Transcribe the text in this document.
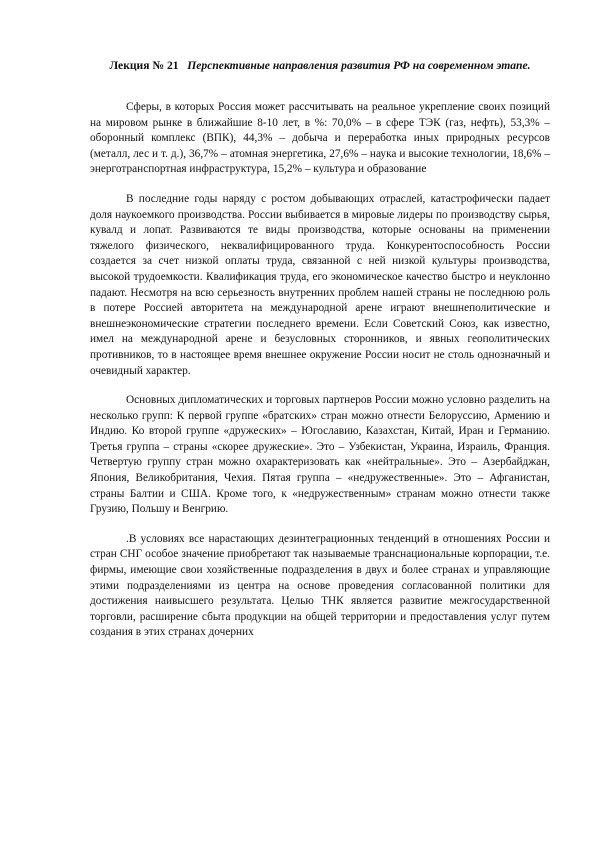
Лекция № 21 Перспективные направления развития РФ на современном этапе.

Сферы, в которых Россия может рассчитывать на реальное укрепление своих позиций на мировом рынке в ближайшие 8-10 лет, в %: 70,0% – в сфере ТЭК (газ, нефть), 53,3% – оборонный комплекс (ВПК), 44,3% – добыча и переработка иных природных ресурсов (металл, лес и т. д.), 36,7% – атомная энергетика, 27,6% – наука и высокие технологии, 18,6% – энерготранспортная инфраструктура, 15,2% – культура и образование

В последние годы наряду с ростом добывающих отраслей, катастрофически падает доля наукоемкого производства. России выбивается в мировые лидеры по производству сырья, кувалд и лопат. Развиваются те виды производства, которые основаны на применении тяжелого физического, неквалифицированного труда. Конкурентоспособность России создается за счет низкой оплаты труда, связанной с ней низкой культуры производства, высокой трудоемкости. Квалификация труда, его экономическое качество быстро и неуклонно падают. Несмотря на всю серьезность внутренних проблем нашей страны не последнюю роль в потере Россией авторитета на международной арене играют внешнеполитические и внешнеэкономические стратегии последнего времени. Если Советский Союз, как известно, имел на международной арене и безусловных сторонников, и явных геополитических противников, то в настоящее время внешнее окружение России носит не столь однозначный и очевидный характер.

Основных дипломатических и торговых партнеров России можно условно разделить на несколько групп: К первой группе «братских» стран можно отнести Белоруссию, Армению и Индию. Ко второй группе «дружеских» – Югославию, Казахстан, Китай, Иран и Германию. Третья группа – страны «скорее дружеские». Это – Узбекистан, Украина, Израиль, Франция. Четвертую группу стран можно охарактеризовать как «нейтральные». Это – Азербайджан, Япония, Великобритания, Чехия. Пятая группа – «недружественные». Это – Афганистан, страны Балтии и США. Кроме того, к «недружественным» странам можно отнести также Грузию, Польшу и Венгрию.

.В условиях все нарастающих дезинтеграционных тенденций в отношениях России и стран СНГ особое значение приобретают так называемые транснациональные корпорации, т.е. фирмы, имеющие свои хозяйственные подразделения в двух и более странах и управляющие этими подразделениями из центра на основе проведения согласованной политики для достижения наивысшего результата. Целью ТНК является развитие межгосударственной торговли, расширение сбыта продукции на общей территории и предоставления услуг путем создания в этих странах дочерних
